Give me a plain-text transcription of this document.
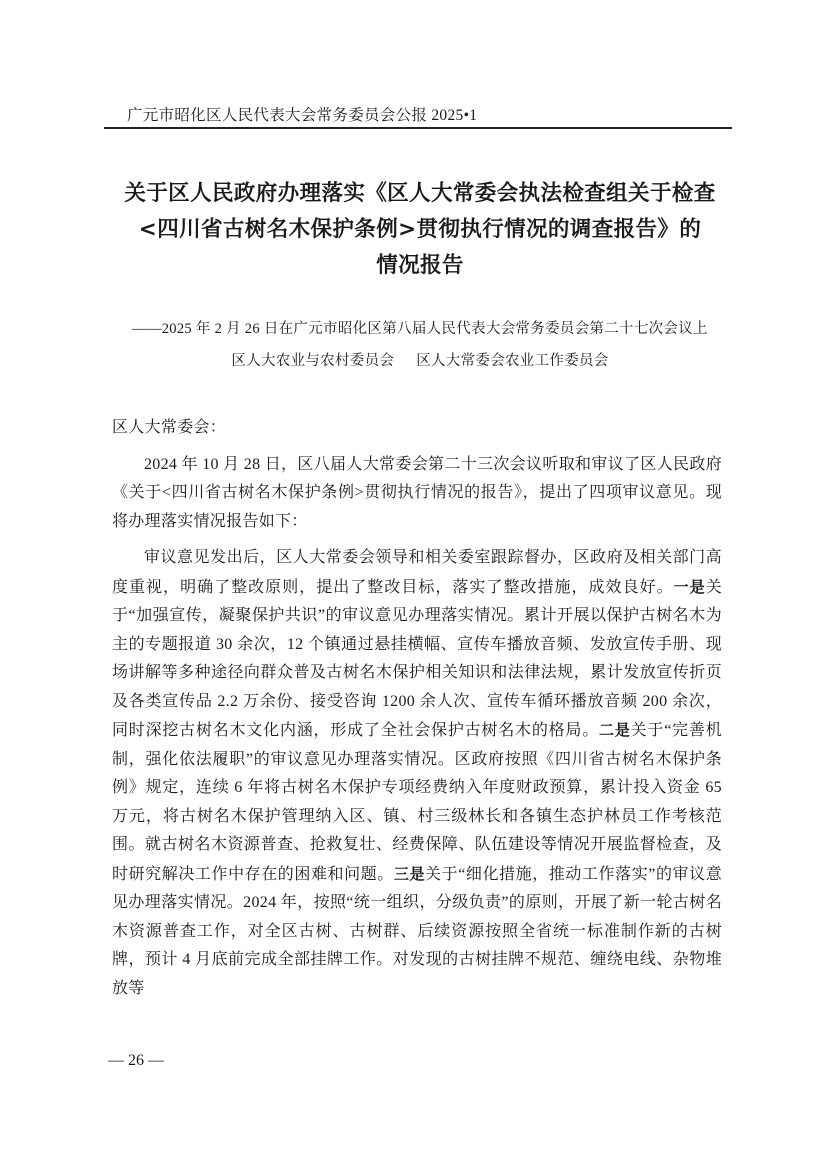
广元市昭化区人民代表大会常务委员会公报 2025•1
关于区人民政府办理落实《区人大常委会执法检查组关于检查
<四川省古树名木保护条例>贯彻执行情况的调查报告》的
情况报告
——2025 年 2 月 26 日在广元市昭化区第八届人民代表大会常务委员会第二十七次会议上
区人大农业与农村委员会 区人大常委会农业工作委员会

区人大常委会：

2024 年 10 月 28 日，区八届人大常委会第二十三次会议听取和审议了区人民政府《关于<四川省古树名木保护条例>贯彻执行情况的报告》，提出了四项审议意见。现将办理落实情况报告如下：

审议意见发出后，区人大常委会领导和相关委室跟踪督办，区政府及相关部门高度重视，明确了整改原则，提出了整改目标，落实了整改措施，成效良好。一是关于“加强宣传，凝聚保护共识”的审议意见办理落实情况。累计开展以保护古树名木为主的专题报道 30 余次，12 个镇通过悬挂横幅、宣传车播放音频、发放宣传手册、现场讲解等多种途径向群众普及古树名木保护相关知识和法律法规，累计发放宣传折页及各类宣传品 2.2 万余份、接受咨询 1200 余人次、宣传车循环播放音频 200 余次，同时深挖古树名木文化内涵，形成了全社会保护古树名木的格局。二是关于“完善机制，强化依法履职”的审议意见办理落实情况。区政府按照《四川省古树名木保护条例》规定，连续 6 年将古树名木保护专项经费纳入年度财政预算，累计投入资金 65 万元，将古树名木保护管理纳入区、镇、村三级林长和各镇生态护林员工作考核范围。就古树名木资源普查、抢救复壮、经费保障、队伍建设等情况开展监督检查，及时研究解决工作中存在的困难和问题。三是关于“细化措施，推动工作落实”的审议意见办理落实情况。2024 年，按照“统一组织，分级负责”的原则，开展了新一轮古树名木资源普查工作，对全区古树、古树群、后续资源按照全省统一标准制作新的古树牌，预计 4 月底前完成全部挂牌工作。对发现的古树挂牌不规范、缠绕电线、杂物堆放等

— 26 —
